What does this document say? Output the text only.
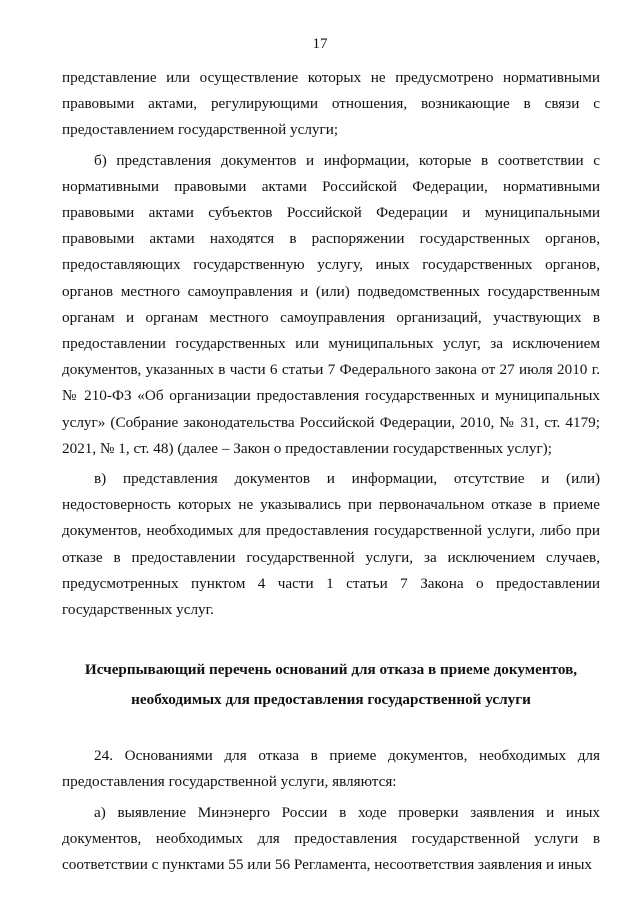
17

представление или осуществление которых не предусмотрено нормативными правовыми актами, регулирующими отношения, возникающие в связи с предоставлением государственной услуги;

б) представления документов и информации, которые в соответствии с нормативными правовыми актами Российской Федерации, нормативными правовыми актами субъектов Российской Федерации и муниципальными правовыми актами находятся в распоряжении государственных органов, предоставляющих государственную услугу, иных государственных органов, органов местного самоуправления и (или) подведомственных государственным органам и органам местного самоуправления организаций, участвующих в предоставлении государственных или муниципальных услуг, за исключением документов, указанных в части 6 статьи 7 Федерального закона от 27 июля 2010 г. № 210-ФЗ «Об организации предоставления государственных и муниципальных услуг» (Собрание законодательства Российской Федерации, 2010, № 31, ст. 4179; 2021, № 1, ст. 48) (далее – Закон о предоставлении государственных услуг);

в) представления документов и информации, отсутствие и (или) недостоверность которых не указывались при первоначальном отказе в приеме документов, необходимых для предоставления государственной услуги, либо при отказе в предоставлении государственной услуги, за исключением случаев, предусмотренных пунктом 4 части 1 статьи 7 Закона о предоставлении государственных услуг.

Исчерпывающий перечень оснований для отказа в приеме документов,
необходимых для предоставления государственной услуги

24. Основаниями для отказа в приеме документов, необходимых для предоставления государственной услуги, являются:

а) выявление Минэнерго России в ходе проверки заявления и иных документов, необходимых для предоставления государственной услуги в соответствии с пунктами 55 или 56 Регламента, несоответствия заявления и иных
